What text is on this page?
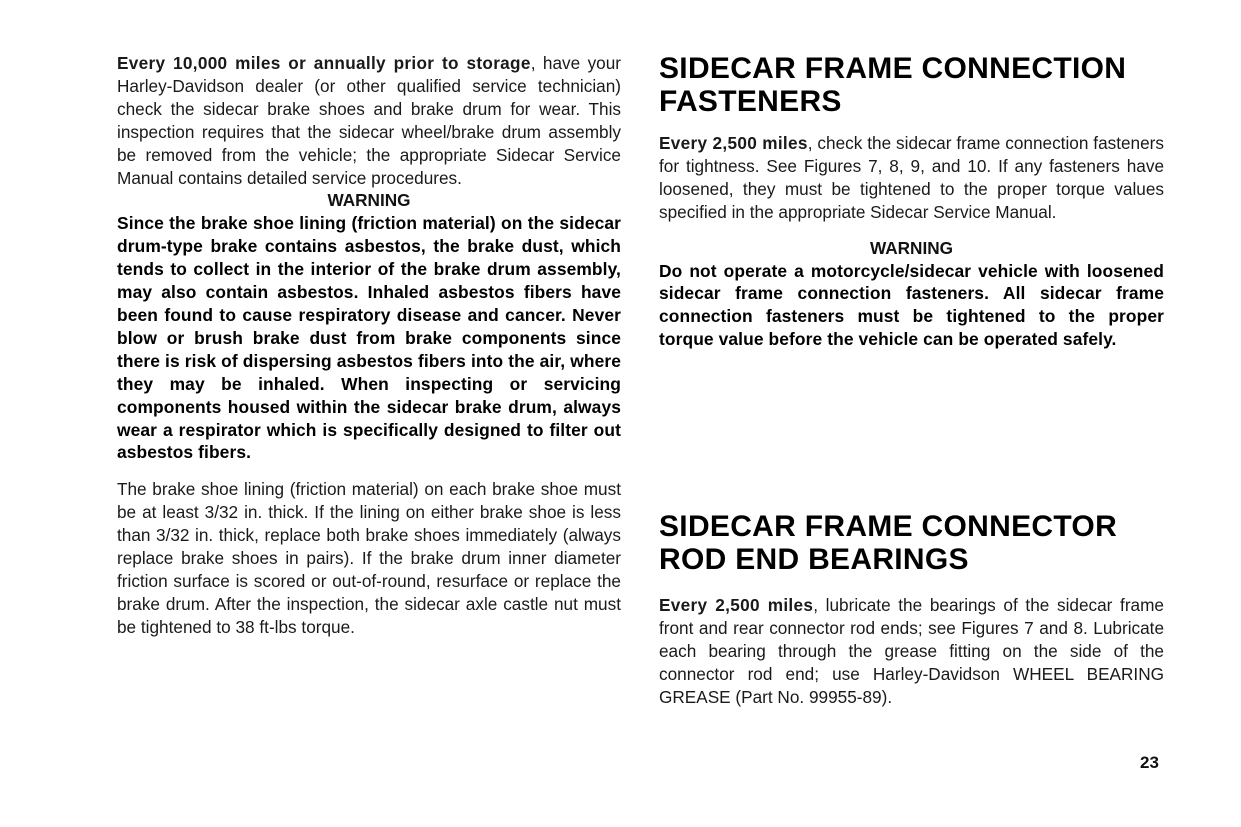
Every 10,000 miles or annually prior to storage, have your Harley-Davidson dealer (or other qualified service technician) check the sidecar brake shoes and brake drum for wear. This inspection requires that the sidecar wheel/brake drum assembly be removed from the vehicle; the appropriate Sidecar Service Manual contains detailed service procedures.

WARNING

Since the brake shoe lining (friction material) on the sidecar drum-type brake contains asbestos, the brake dust, which tends to collect in the interior of the brake drum assembly, may also contain asbestos. Inhaled asbestos fibers have been found to cause respiratory disease and cancer. Never blow or brush brake dust from brake components since there is risk of dispersing asbestos fibers into the air, where they may be inhaled. When inspecting or servicing components housed within the sidecar brake drum, always wear a respirator which is specifically designed to filter out asbestos fibers.

The brake shoe lining (friction material) on each brake shoe must be at least 3/32 in. thick. If the lining on either brake shoe is less than 3/32 in. thick, replace both brake shoes immediately (always replace brake shoes in pairs). If the brake drum inner diameter friction surface is scored or out-of-round, resurface or replace the brake drum. After the inspection, the sidecar axle castle nut must be tightened to 38 ft-lbs torque.

SIDECAR FRAME CONNECTION
FASTENERS

Every 2,500 miles, check the sidecar frame connection fasteners for tightness. See Figures 7, 8, 9, and 10. If any fasteners have loosened, they must be tightened to the proper torque values specified in the appropriate Sidecar Service Manual.

WARNING

Do not operate a motorcycle/sidecar vehicle with loosened sidecar frame connection fasteners. All sidecar frame connection fasteners must be tightened to the proper torque value before the vehicle can be operated safely.

SIDECAR FRAME CONNECTOR
ROD END BEARINGS

Every 2,500 miles, lubricate the bearings of the sidecar frame front and rear connector rod ends; see Figures 7 and 8. Lubricate each bearing through the grease fitting on the side of the connector rod end; use Harley-Davidson WHEEL BEARING GREASE (Part No. 99955-89).

23
